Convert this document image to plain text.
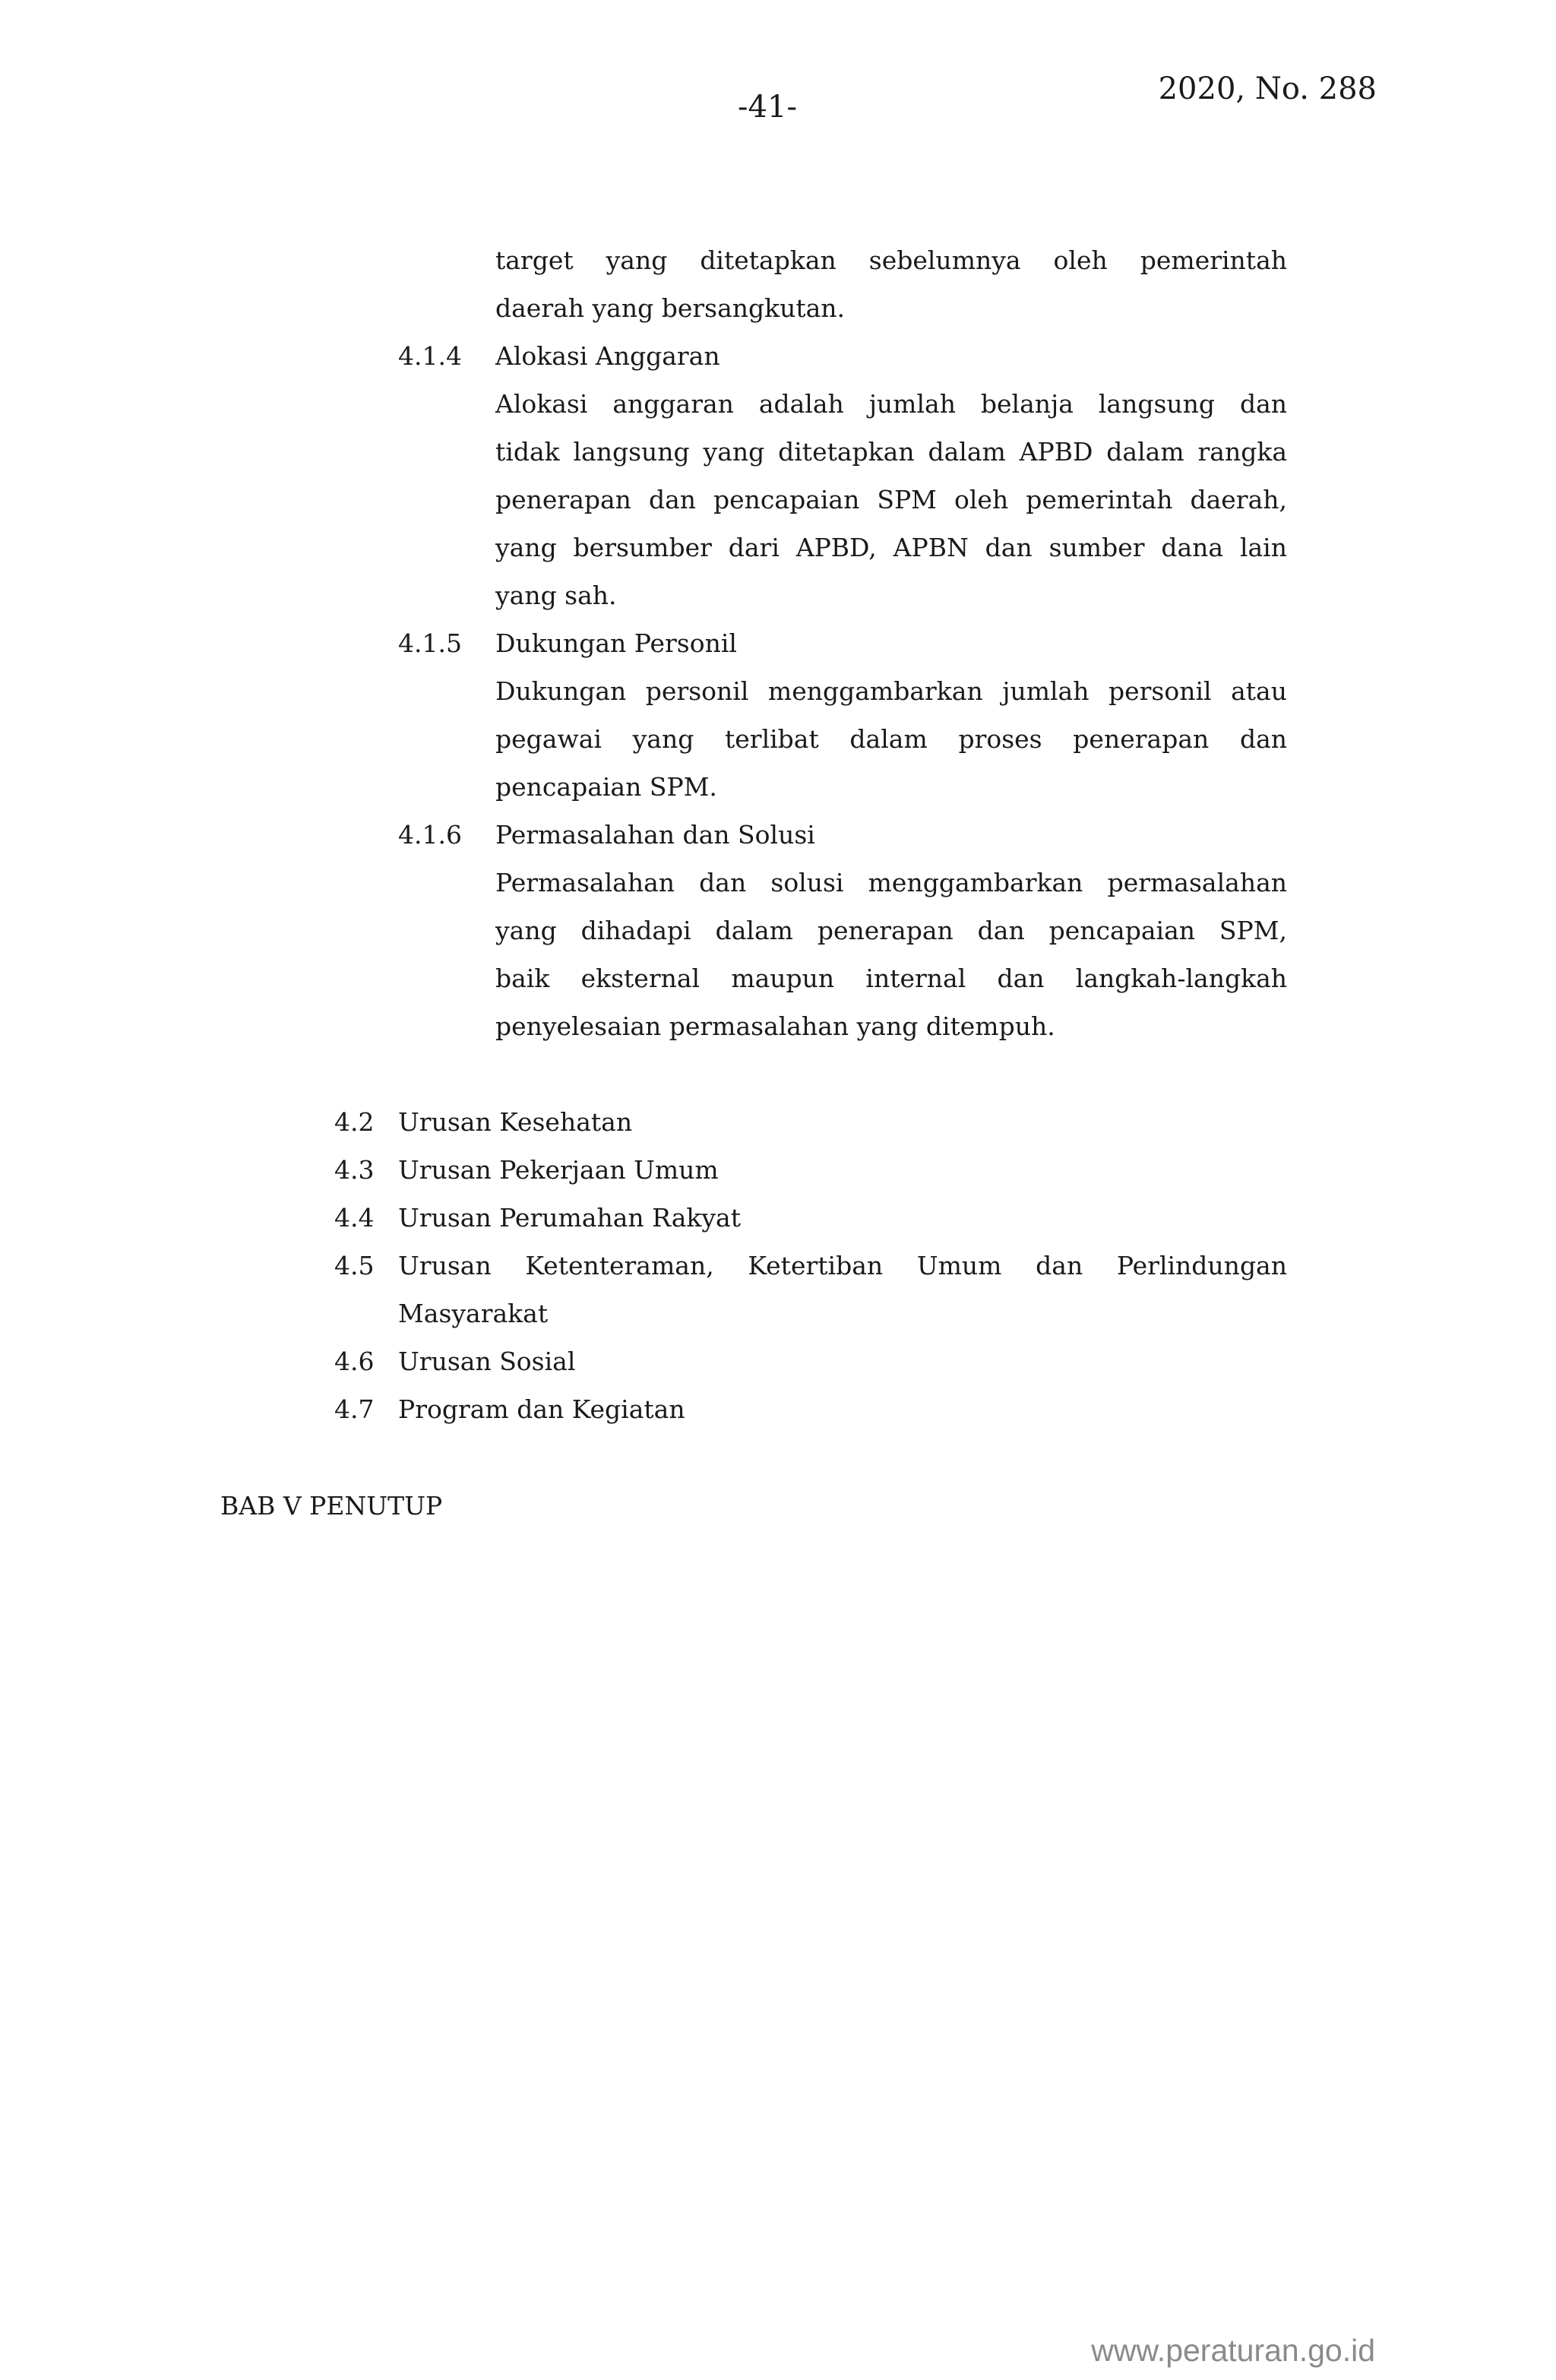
-41-
2020, No. 288
target yang ditetapkan sebelumnya oleh pemerintah
daerah yang bersangkutan.
4.1.4 Alokasi Anggaran
Alokasi anggaran adalah jumlah belanja langsung dan
tidak langsung yang ditetapkan dalam APBD dalam rangka
penerapan dan pencapaian SPM oleh pemerintah daerah,
yang bersumber dari APBD, APBN dan sumber dana lain
yang sah.
4.1.5 Dukungan Personil
Dukungan personil menggambarkan jumlah personil atau
pegawai yang terlibat dalam proses penerapan dan
pencapaian SPM.
4.1.6 Permasalahan dan Solusi
Permasalahan dan solusi menggambarkan permasalahan
yang dihadapi dalam penerapan dan pencapaian SPM,
baik eksternal maupun internal dan langkah-langkah
penyelesaian permasalahan yang ditempuh.
4.2 Urusan Kesehatan
4.3 Urusan Pekerjaan Umum
4.4 Urusan Perumahan Rakyat
4.5 Urusan Ketenteraman, Ketertiban Umum dan Perlindungan
Masyarakat
4.6 Urusan Sosial
4.7 Program dan Kegiatan
BAB V PENUTUP
www.peraturan.go.id
